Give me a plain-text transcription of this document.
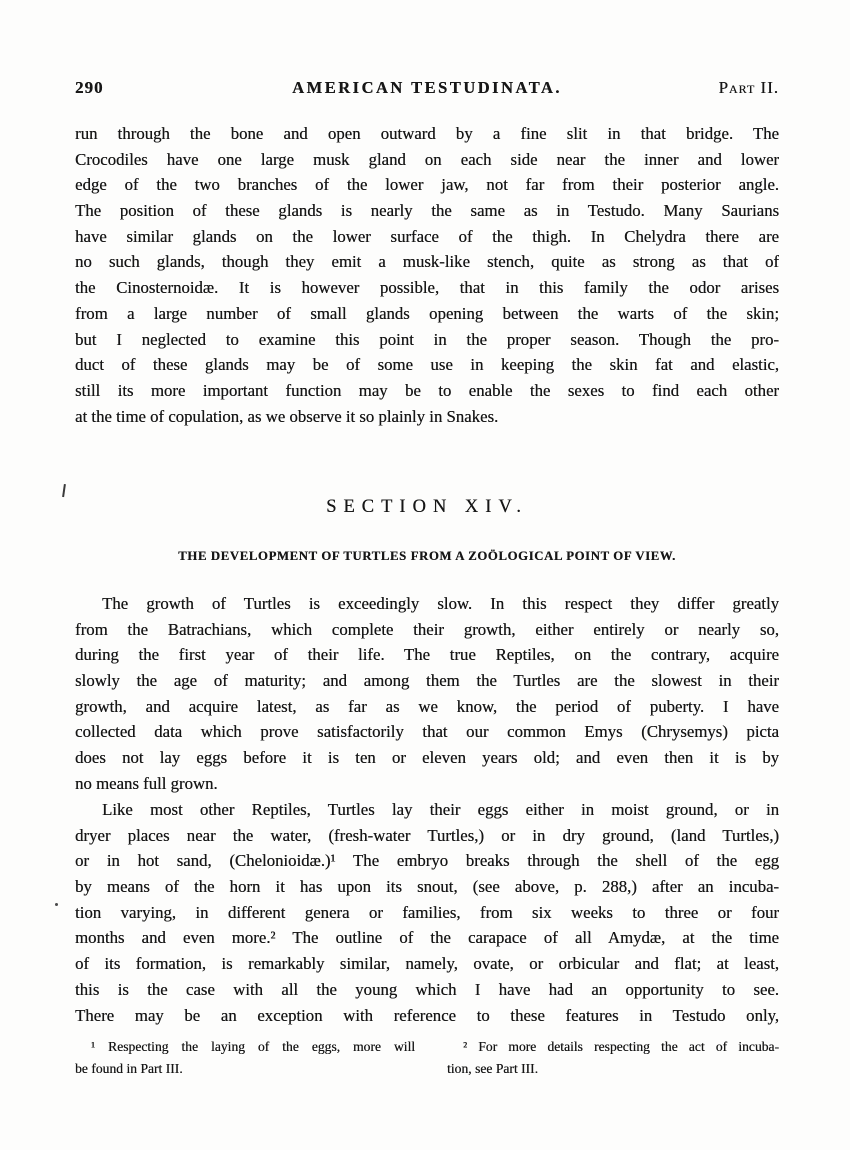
290	AMERICAN TESTUDINATA.	Part II.
run through the bone and open outward by a fine slit in that bridge. The
Crocodiles have one large musk gland on each side near the inner and lower
edge of the two branches of the lower jaw, not far from their posterior angle.
The position of these glands is nearly the same as in Testudo. Many Saurians
have similar glands on the lower surface of the thigh. In Chelydra there are
no such glands, though they emit a musk-like stench, quite as strong as that of
the Cinosternoidæ. It is however possible, that in this family the odor arises
from a large number of small glands opening between the warts of the skin;
but I neglected to examine this point in the proper season. Though the pro-
duct of these glands may be of some use in keeping the skin fat and elastic,
still its more important function may be to enable the sexes to find each other
at the time of copulation, as we observe it so plainly in Snakes.
SECTION XIV.
THE DEVELOPMENT OF TURTLES FROM A ZOÖLOGICAL POINT OF VIEW.
The growth of Turtles is exceedingly slow. In this respect they differ greatly
from the Batrachians, which complete their growth, either entirely or nearly so,
during the first year of their life. The true Reptiles, on the contrary, acquire
slowly the age of maturity; and among them the Turtles are the slowest in their
growth, and acquire latest, as far as we know, the period of puberty. I have
collected data which prove satisfactorily that our common Emys (Chrysemys) picta
does not lay eggs before it is ten or eleven years old; and even then it is by
no means full grown.
Like most other Reptiles, Turtles lay their eggs either in moist ground, or in
dryer places near the water, (fresh-water Turtles,) or in dry ground, (land Turtles,)
or in hot sand, (Chelonioidæ.)¹ The embryo breaks through the shell of the egg
by means of the horn it has upon its snout, (see above, p. 288,) after an incuba-
tion varying, in different genera or families, from six weeks to three or four
months and even more.² The outline of the carapace of all Amydæ, at the time
of its formation, is remarkably similar, namely, ovate, or orbicular and flat; at least,
this is the case with all the young which I have had an opportunity to see.
There may be an exception with reference to these features in Testudo only,
¹ Respecting the laying of the eggs, more will
be found in Part III.
² For more details respecting the act of incuba-
tion, see Part III.
